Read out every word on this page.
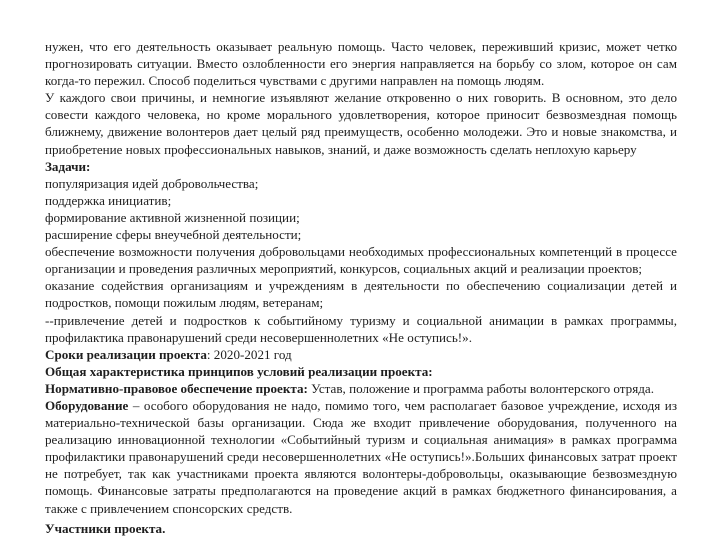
нужен, что его деятельность оказывает реальную помощь. Часто человек, переживший кризис, может четко прогнозировать ситуации. Вместо озлобленности его энергия направляется на борьбу со злом, которое он сам когда-то пережил. Способ поделиться чувствами с другими направлен на помощь людям.

У каждого свои причины, и немногие изъявляют желание откровенно о них говорить. В основном, это дело совести каждого человека, но кроме морального удовлетворения, которое приносит безвозмездная помощь ближнему, движение волонтеров дает целый ряд преимуществ, особенно молодежи. Это и новые знакомства, и приобретение новых профессиональных навыков, знаний, и даже возможность сделать неплохую карьеру

Задачи:

популяризация идей добровольчества;

поддержка инициатив;

формирование активной жизненной позиции;

расширение сферы внеучебной деятельности;

обеспечение возможности получения добровольцами необходимых профессиональных компетенций в процессе организации и проведения различных мероприятий, конкурсов, социальных акций и реализации проектов;

оказание содействия организациям и учреждениям в деятельности по обеспечению социализации детей и подростков, помощи пожилым людям, ветеранам;

--привлечение детей и подростков к событийному туризму и социальной анимации в рамках программы, профилактика правонарушений среди несовершеннолетних «Не оступись!».

Сроки реализации проекта: 2020-2021 год

Общая характеристика принципов условий реализации проекта:

Нормативно-правовое обеспечение проекта: Устав, положение и программа работы волонтерского отряда.

Оборудование – особого оборудования не надо, помимо того, чем располагает базовое учреждение, исходя из материально-технической базы организации. Сюда же входит привлечение оборудования, полученного на реализацию инновационной технологии «Событийный туризм и социальная анимация» в рамках программа профилактики правонарушений среди несовершеннолетних «Не оступись!».Больших финансовых затрат проект не потребует, так как участниками проекта являются волонтеры-добровольцы, оказывающие безвозмездную помощь. Финансовые затраты предполагаются на проведение акций в рамках бюджетного финансирования, а также с привлечением спонсорских средств.

Участники проекта.
